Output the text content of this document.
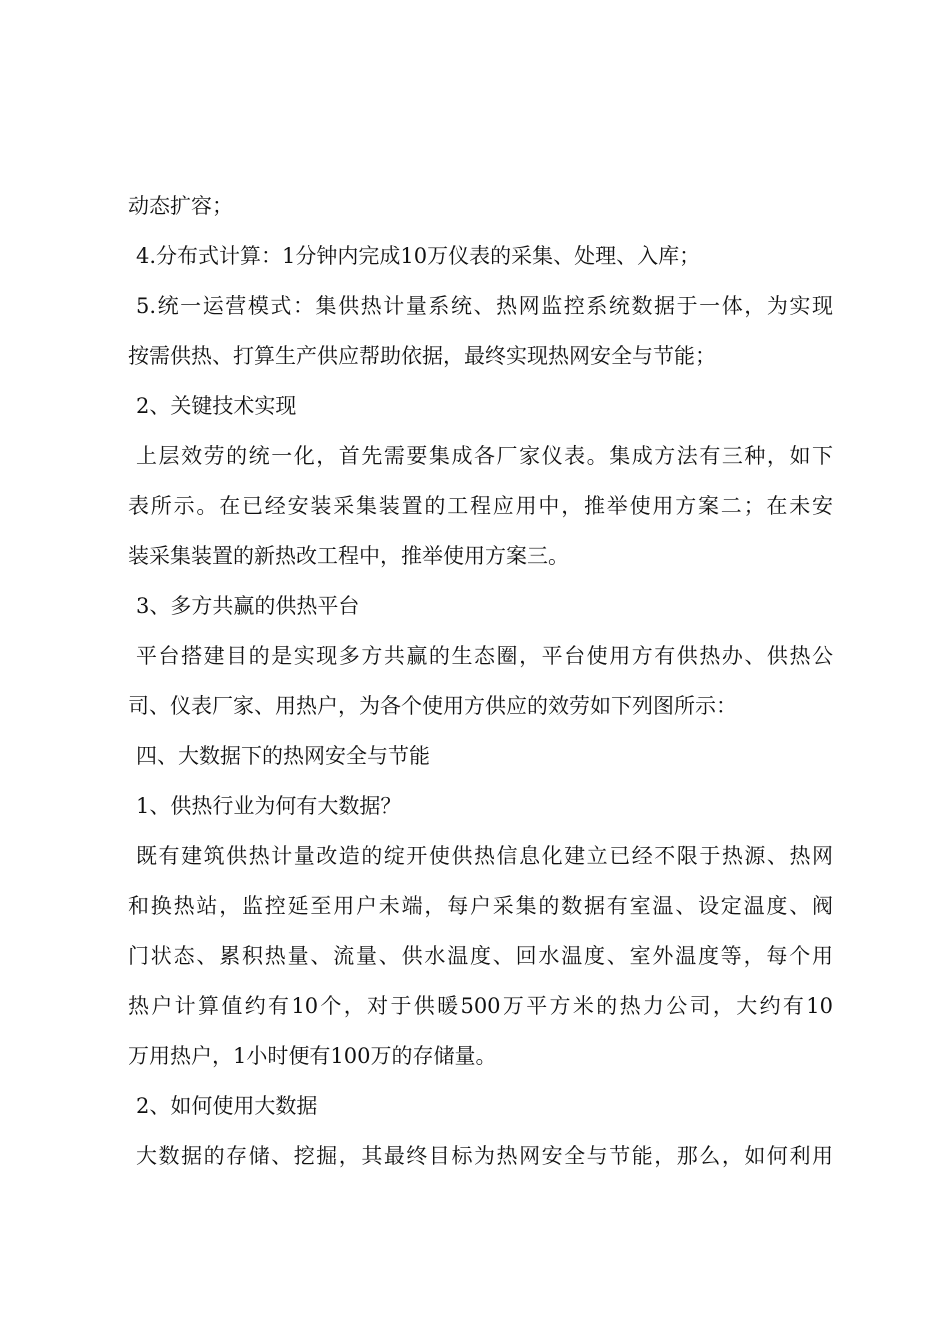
动态扩容；

4.分布式计算：1分钟内完成10万仪表的采集、处理、入库；

5.统一运营模式：集供热计量系统、热网监控系统数据于一体，为实现

按需供热、打算生产供应帮助依据，最终实现热网安全与节能；

2、关键技术实现

上层效劳的统一化，首先需要集成各厂家仪表。集成方法有三种，如下

表所示。在已经安装采集装置的工程应用中，推举使用方案二；在未安

装采集装置的新热改工程中，推举使用方案三。

3、多方共赢的供热平台

平台搭建目的是实现多方共赢的生态圈，平台使用方有供热办、供热公

司、仪表厂家、用热户，为各个使用方供应的效劳如下列图所示：

四、大数据下的热网安全与节能

1、供热行业为何有大数据？

既有建筑供热计量改造的绽开使供热信息化建立已经不限于热源、热网

和换热站，监控延至用户未端，每户采集的数据有室温、设定温度、阀

门状态、累积热量、流量、供水温度、回水温度、室外温度等，每个用

热户计算值约有10个，对于供暖500万平方米的热力公司，大约有10

万用热户，1小时便有100万的存储量。

2、如何使用大数据

大数据的存储、挖掘，其最终目标为热网安全与节能，那么，如何利用
